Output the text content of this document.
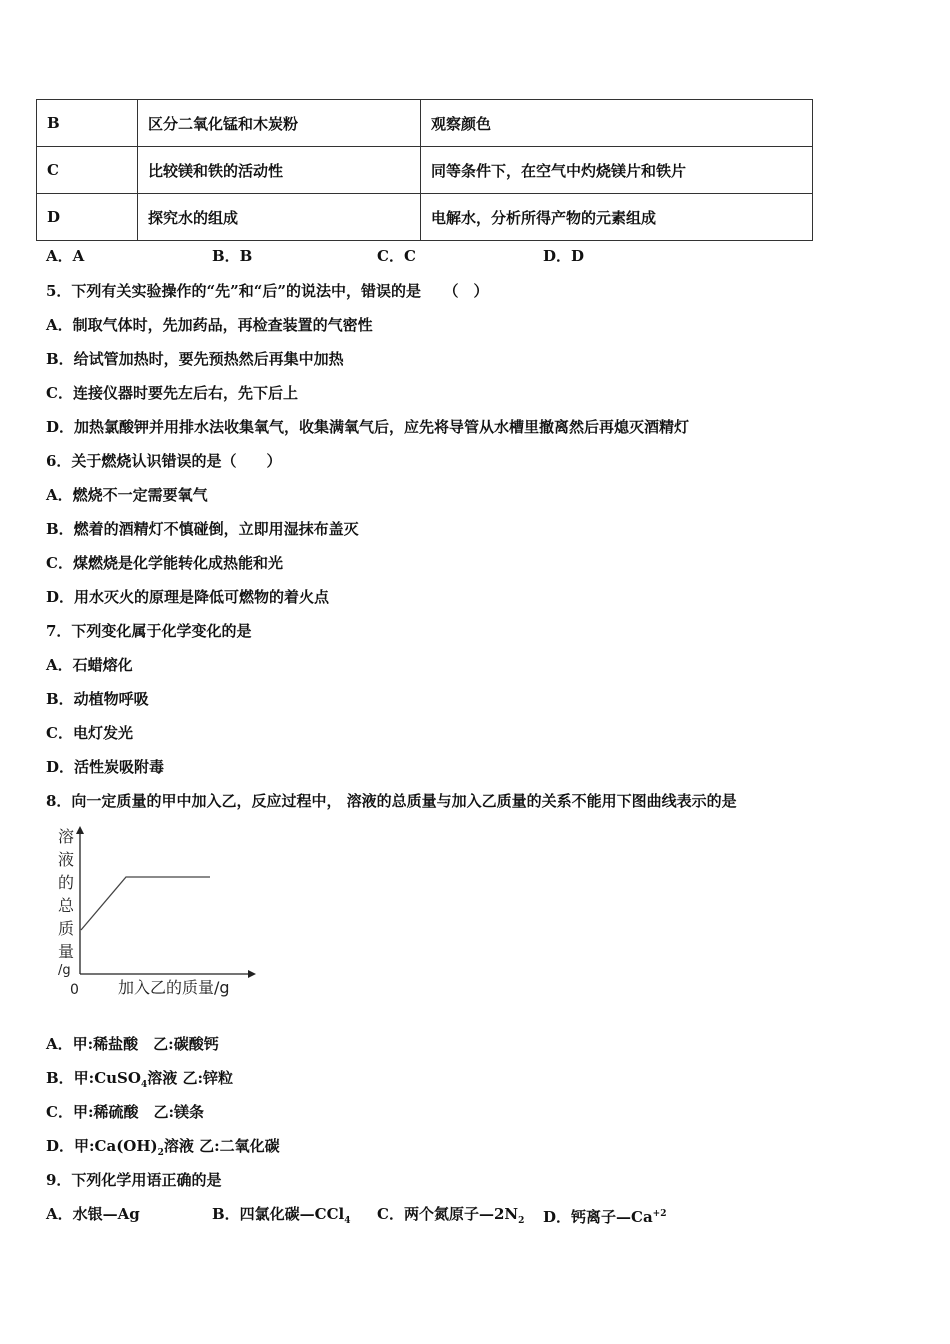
B	区分二氧化锰和木炭粉	观察颜色
C	比较镁和铁的活动性	同等条件下，在空气中灼烧镁片和铁片
D	探究水的组成	电解水，分析所得产物的元素组成
A．A	B．B	C．C	D．D
5．下列有关实验操作的“先”和“后”的说法中，错误的是　　（　）
A．制取气体时，先加药品，再检查装置的气密性
B．给试管加热时，要先预热然后再集中加热
C．连接仪器时要先左后右，先下后上
D．加热氯酸钾并用排水法收集氧气，收集满氧气后，应先将导管从水槽里撤离然后再熄灭酒精灯
6．关于燃烧认识错误的是（　　）
A．燃烧不一定需要氧气
B．燃着的酒精灯不慎碰倒，立即用湿抹布盖灭
C．煤燃烧是化学能转化成热能和光
D．用水灭火的原理是降低可燃物的着火点
7．下列变化属于化学变化的是
A．石蜡熔化
B．动植物呼吸
C．电灯发光
D．活性炭吸附毒
8．向一定质量的甲中加入乙，反应过程中， 溶液的总质量与加入乙质量的关系不能用下图曲线表示的是
溶
液
的
总
质
量
/g
0 加入乙的质量/g
A．甲:稀盐酸　乙:碳酸钙
B．甲:CuSO$_4$溶液 乙:锌粒
C．甲:稀硫酸　乙:镁条
D．甲$:Ca(OH)_2$溶液 乙:二氧化碳
9．下列化学用语正确的是
A．水银—Ag	B．四氯化碳—CCl$_4$ C．两个氮原子$—2N_2$ D．钙离子$—Ca^{+2}$
